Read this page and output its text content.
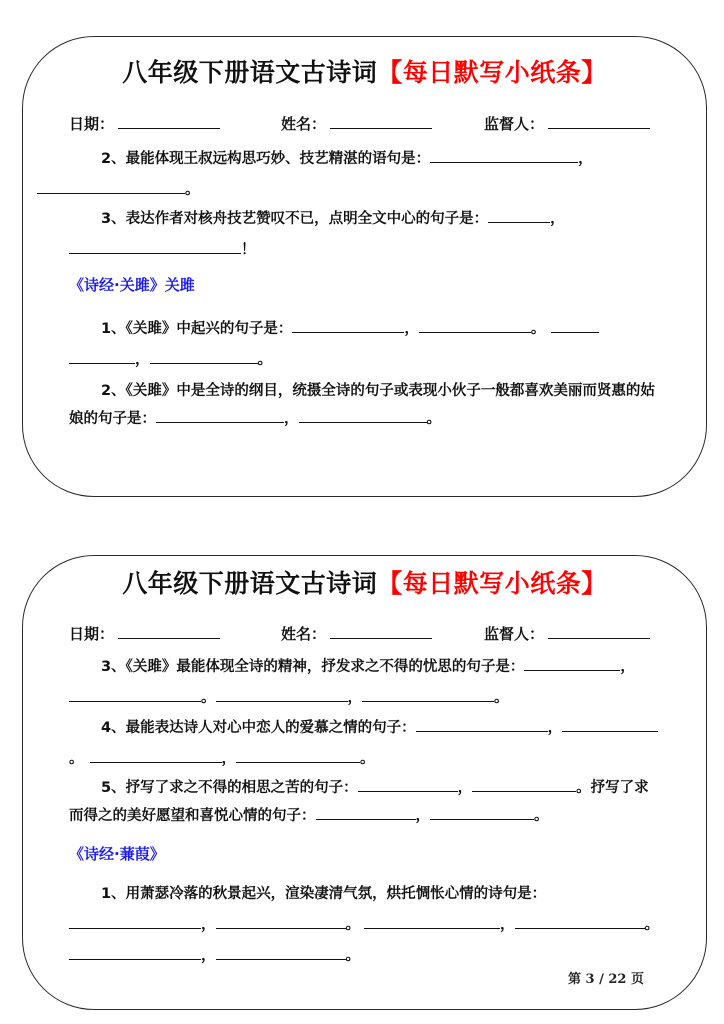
八年级下册语文古诗词【每日默写小纸条】
日期：	姓名：	监督人：
2、最能体现王叔远构思巧妙、技艺精湛的语句是：	，。
3、表达作者对核舟技艺赞叹不已，点明全文中心的句子是：	，！
《诗经·关雎》关雎
1、《关雎》中起兴的句子是：	，	。，	。
2、《关雎》中是全诗的纲目，统摄全诗的句子或表现小伙子一般都喜欢美丽而贤惠的姑娘的句子是：	，	。
八年级下册语文古诗词【每日默写小纸条】
日期：	姓名：	监督人：
3、《关雎》最能体现全诗的精神，抒发求之不得的忧思的句子是：	，。	，	。
4、最能表达诗人对心中恋人的爱慕之情的句子：	，。	，	。
5、抒写了求之不得的相思之苦的句子：	，	。抒写了求而得之的美好愿望和喜悦心情的句子：	，	。
《诗经·蒹葭》
1、用萧瑟冷落的秋景起兴，渲染凄清气氛，烘托惆怅心情的诗句是：，	。	，	。，	。
第 3 / 22 页
